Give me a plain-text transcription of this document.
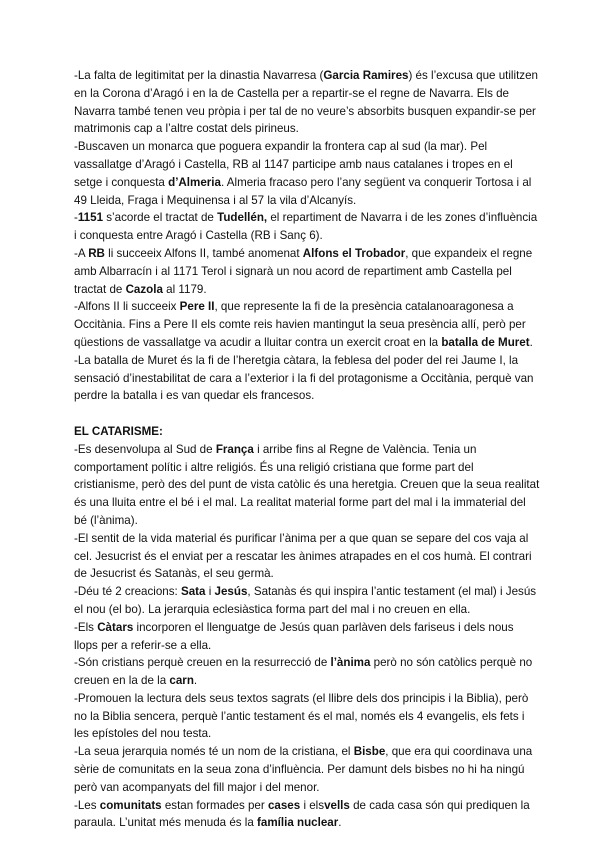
-La falta de legitimitat per la dinastia Navarresa (Garcia Ramires) és l’excusa que utilitzen en la Corona d’Aragó i en la de Castella per a repartir-se el regne de Navarra. Els de Navarra també tenen veu pròpia i per tal de no veure’s absorbits busquen expandir-se per matrimonis cap a l’altre costat dels pirineus.

-Buscaven un monarca que poguera expandir la frontera cap al sud (la mar). Pel vassallatge d’Aragó i Castella, RB al 1147 participe amb naus catalanes i tropes en el setge i conquesta d’Almeria. Almeria fracaso pero l’any següent va conquerir Tortosa i al 49 Lleida, Fraga i Mequinensa i al 57 la vila d’Alcanyís.

-1151 s’acorde el tractat de Tudellén, el repartiment de Navarra i de les zones d’influència i conquesta entre Aragó i Castella (RB i Sanç 6).

-A RB li succeeix Alfons II, també anomenat Alfons el Trobador, que expandeix el regne amb Albarracín i al 1171 Terol i signarà un nou acord de repartiment amb Castella pel tractat de Cazola al 1179.

-Alfons II li succeeix Pere II, que represente la fi de la presència catalanoaragonesa a Occitània. Fins a Pere II els comte reis havien mantingut la seua presència allí, però per qüestions de vassallatge va acudir a lluitar contra un exercit croat en la batalla de Muret.

-La batalla de Muret és la fi de l’heretgia càtara, la feblesa del poder del rei Jaume I, la sensació d’inestabilitat de cara a l’exterior i la fi del protagonisme a Occitània, perquè van perdre la batalla i es van quedar els francesos.

EL CATARISME:

-Es desenvolupa al Sud de França i arribe fins al Regne de València. Tenia un comportament polític i altre religiós. És una religió cristiana que forme part del cristianisme, però des del punt de vista catòlic és una heretgia. Creuen que la seua realitat és una lluita entre el bé i el mal. La realitat material forme part del mal i la immaterial del bé (l’ànima).

-El sentit de la vida material és purificar l’ànima per a que quan se separe del cos vaja al cel. Jesucrist és el enviat per a rescatar les ànimes atrapades en el cos humà. El contrari de Jesucrist és Satanàs, el seu germà.

-Déu té 2 creacions: Sata i Jesús, Satanàs és qui inspira l’antic testament (el mal) i Jesús el nou (el bo). La jerarquia eclesiàstica forma part del mal i no creuen en ella.

-Els Càtars incorporen el llenguatge de Jesús quan parlàven dels fariseus i dels nous llops per a referir-se a ella.

-Són cristians perquè creuen en la resurrecció de l’ànima però no són catòlics perquè no creuen en la de la carn.

-Promouen la lectura dels seus textos sagrats (el llibre dels dos principis i la Biblia), però no la Biblia sencera, perquè l’antic testament és el mal, només els 4 evangelis, els fets i les epístoles del nou testa.

-La seua jerarquia només té un nom de la cristiana, el Bisbe, que era qui coordinava una sèrie de comunitats en la seua zona d’influència. Per damunt dels bisbes no hi ha ningú però van acompanyats del fill major i del menor.

-Les comunitats estan formades per cases i elsvells de cada casa són qui prediquen la paraula. L’unitat més menuda és la família nuclear.
